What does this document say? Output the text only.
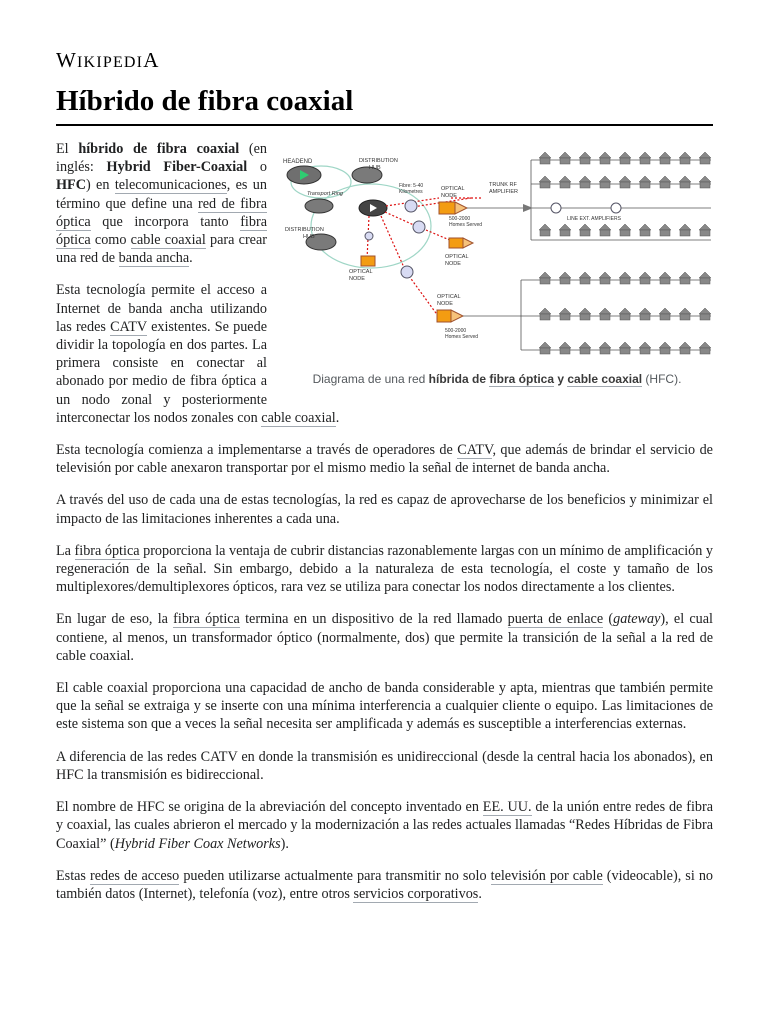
WIKIPEDIA
Híbrido de fibra coaxial
HEADEND	DISTRIBUTION
HUB
Transport Ring
DISTRIBUTION
HUB
Fibre: 5-40
Kilometres
OPTICAL
NODE
OPTICAL
NODE
500-2000
Homes Served
TRUNK RF
AMPLIFIER
OPTICAL
NODE
OPTICAL
NODE
500-2000
Homes Served
LINE EXT. AMPLIFIERS
Diagrama de una red híbrida de fibra óptica y cable coaxial (HFC).

El híbrido de fibra coaxial (en inglés: Hybrid Fiber-Coaxial o HFC) en telecomunicaciones, es un término que define una red de fibra óptica que incorpora tanto fibra óptica como cable coaxial para crear una red de banda ancha.

Esta tecnología permite el acceso a Internet de banda ancha utilizando las redes CATV existentes. Se puede dividir la topología en dos partes. La primera consiste en conectar al abonado por medio de fibra óptica a un nodo zonal y posteriormente interconectar los nodos zonales con cable coaxial.

Esta tecnología comienza a implementarse a través de operadores de CATV, que además de brindar el servicio de televisión por cable anexaron transportar por el mismo medio la señal de internet de banda ancha.

A través del uso de cada una de estas tecnologías, la red es capaz de aprovecharse de los beneficios y minimizar el impacto de las limitaciones inherentes a cada una.

La fibra óptica proporciona la ventaja de cubrir distancias razonablemente largas con un mínimo de amplificación y regeneración de la señal. Sin embargo, debido a la naturaleza de esta tecnología, el coste y tamaño de los multiplexores/demultiplexores ópticos, rara vez se utiliza para conectar los nodos directamente a los clientes.

En lugar de eso, la fibra óptica termina en un dispositivo de la red llamado puerta de enlace (gateway), el cual contiene, al menos, un transformador óptico (normalmente, dos) que permite la transición de la señal a la red de cable coaxial.

El cable coaxial proporciona una capacidad de ancho de banda considerable y apta, mientras que también permite que la señal se extraiga y se inserte con una mínima interferencia a cualquier cliente o equipo. Las limitaciones de este sistema son que a veces la señal necesita ser amplificada y además es susceptible a interferencias externas.

A diferencia de las redes CATV en donde la transmisión es unidireccional (desde la central hacia los abonados), en HFC la transmisión es bidireccional.

El nombre de HFC se origina de la abreviación del concepto inventado en EE. UU. de la unión entre redes de fibra y coaxial, las cuales abrieron el mercado y la modernización a las redes actuales llamadas “Redes Híbridas de Fibra Coaxial” (Hybrid Fiber Coax Networks).

Estas redes de acceso pueden utilizarse actualmente para transmitir no solo televisión por cable (videocable), si no también datos (Internet), telefonía (voz), entre otros servicios corporativos.
